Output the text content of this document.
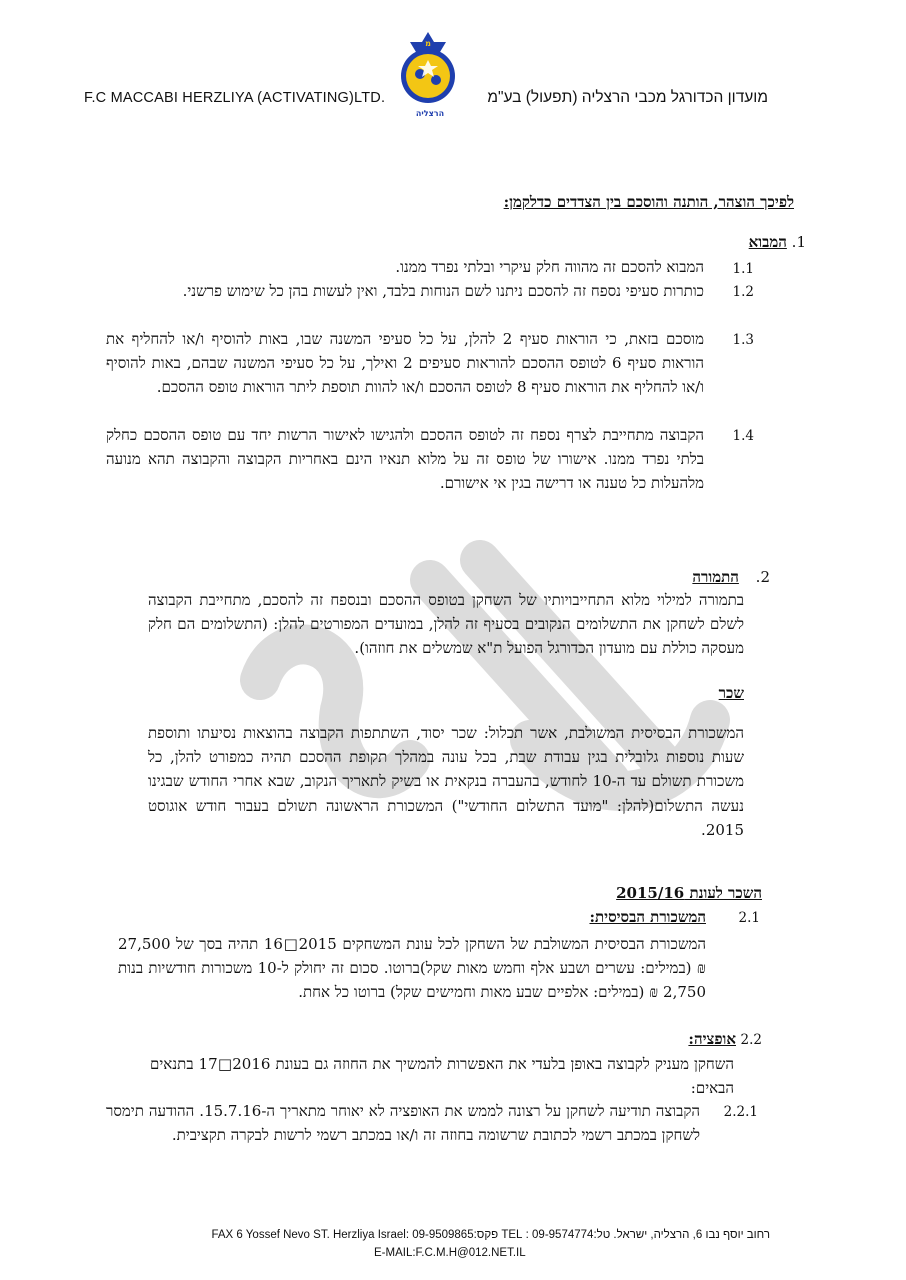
F.C MACCABI HERZLIYA (ACTIVATING)LTD.
מ
הרצליה
מועדון הכדורגל מכבי הרצליה (תפעול) בע"מ
לפיכך הוצהר, הותנה והוסכם בין הצדדים כדלקמן:
1. המבוא
1.1
המבוא להסכם זה מהווה חלק עיקרי ובלתי נפרד ממנו.
1.2
כותרות סעיפי נספח זה להסכם ניתנו לשם הנוחות בלבד, ואין לעשות בהן כל שימוש פרשני.
1.3
מוסכם בזאת, כי הוראות סעיף 2 להלן, על כל סעיפי המשנה שבו, באות להוסיף ו/או להחליף את הוראות סעיף 6 לטופס ההסכם להוראות סעיפים 2 ואילך, על כל סעיפי המשנה שבהם, באות להוסיף ו/או להחליף את הוראות סעיף 8 לטופס ההסכם ו/או להוות תוספת ליתר הוראות טופס ההסכם.
1.4
הקבוצה מתחייבת לצרף נספח זה לטופס ההסכם ולהגישו לאישור הרשות יחד עם טופס ההסכם כחלק בלתי נפרד ממנו. אישורו של טופס זה על מלוא תנאיו הינם באחריות הקבוצה והקבוצה תהא מנועה מלהעלות כל טענה או דרישה בגין אי אישורם.
2. התמורה
בתמורה למילוי מלוא התחייבויותיו של השחקן בטופס ההסכם ובנספח זה להסכם, מתחייבת הקבוצה לשלם לשחקן את התשלומים הנקובים בסעיף זה להלן, במועדים המפורטים להלן: (התשלומים הם חלק מעסקה כוללת עם מועדון הכדורגל הפועל ת"א שמשלים את חוזהו).
שכר
המשכורת הבסיסית המשולבת, אשר תכלול: שכר יסוד, השתתפות הקבוצה בהוצאות נסיעתו ותוספת שעות נוספות גלובלית בגין עבודת שבת, בכל עונה במהלך תקופת ההסכם תהיה כמפורט להלן, כל משכורת תשולם עד ה-10 לחודש, בהעברה בנקאית או בשיק לתאריך הנקוב, שבא אחרי החודש שבגינו נעשה התשלום(להלן: "מועד התשלום החודשי") המשכורת הראשונה תשולם בעבור חודש אוגוסט 2015.
השכר לעונת 2015/16
2.1
המשכורת הבסיסית:
המשכורת הבסיסית המשולבת של השחקן לכל עונת המשחקים 2015□16 תהיה בסך של 27,500 ₪ (במילים: עשרים ושבע אלף וחמש מאות שקל)ברוטו. סכום זה יחולק ל-10 משכורות חודשיות בנות 2,750 ₪ (במילים: אלפיים שבע מאות וחמישים שקל) ברוטו כל אחת.
2.2
אופציה:
השחקן מעניק לקבוצה באופן בלעדי את האפשרות להמשיך את החוזה גם בעונת 2016□17 בתנאים הבאים:
2.2.1
הקבוצה תודיעה לשחקן על רצונה לממש את האופציה לא יאוחר מתאריך ה-15.7.16. ההודעה תימסר לשחקן במכתב רשמי לכתובת שרשומה בחוזה זה ו/או במכתב רשמי לרשות לבקרה תקציבית.
רחוב יוסף נבו 6, הרצליה, ישראל. טל:09-9574774 : TEL פקס:09-9509865 :FAX 6 Yossef Nevo ST. Herzliya Israel
E-MAIL:F.C.M.H@012.NET.IL
